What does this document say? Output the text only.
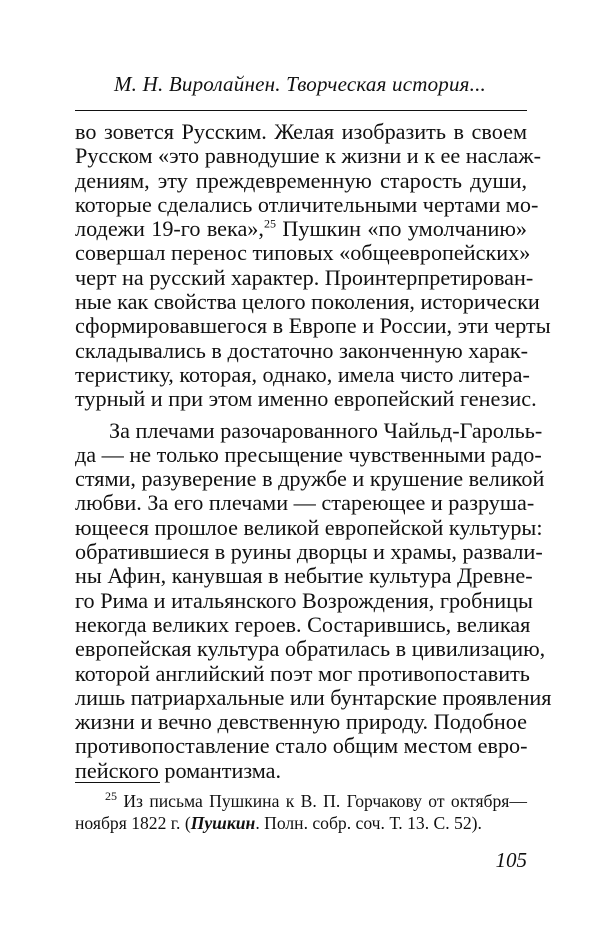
М. Н. Виролайнен. Творческая история...

во зовется Русским. Желая изобразить в своем
Русском «это равнодушие к жизни и к ее наслаж-
дениям, эту преждевременную старость души,
которые сделались отличительными чертами мо-
лодежи 19-го века»,$^{25}$ Пушкин «по умолчанию»
совершал перенос типовых «общеевропейских»
черт на русский характер. Проинтерпретирован-
ные как свойства целого поколения, исторически
сформировавшегося в Европе и России, эти черты
складывались в достаточно законченную харак-
теристику, которая, однако, имела чисто литера-
турный и при этом именно европейский генезис.

За плечами разочарованного Чайльд-Гарольь-
да — не только пресыщение чувственными радо-
стями, разуверение в дружбе и крушение великой
любви. За его плечами — стареющее и разруша-
ющееся прошлое великой европейской культуры:
обратившиеся в руины дворцы и храмы, развали-
ны Афин, канувшая в небытие культура Древне-
го Рима и итальянского Возрождения, гробницы
некогда великих героев. Состарившись, великая
европейская культура обратилась в цивилизацию,
которой английский поэт мог противопоставить
лишь патриархальные или бунтарские проявления
жизни и вечно девственную природу. Подобное
противопоставление стало общим местом евро-
пейского романтизма.

$^{25}$ Из письма Пушкина к В. П. Горчакову от октября—
ноября 1822 г. (Пушкин. Полн. собр. соч. Т. 13. С. 52).
105
